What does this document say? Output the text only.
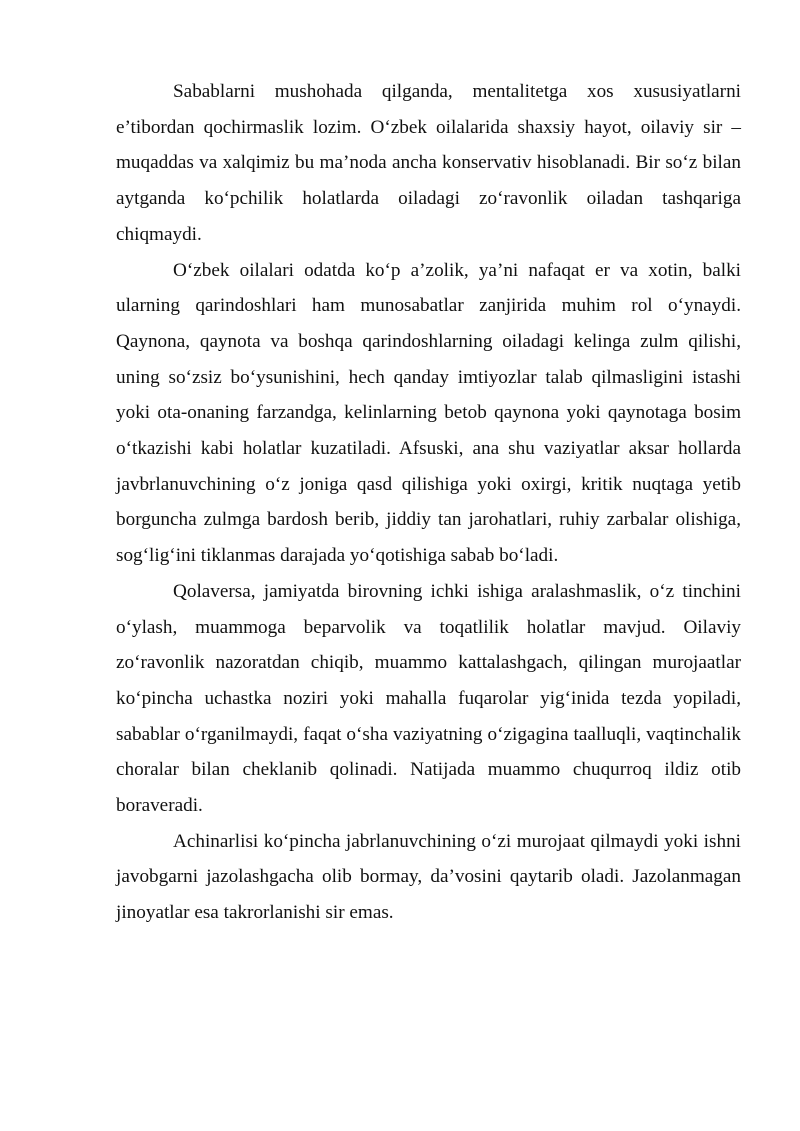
Sabablarni mushohada qilganda, mentalitetga xos xususiyatlarni e’tibordan qochirmaslik lozim. O‘zbek oilalarida shaxsiy hayot, oilaviy sir – muqaddas va xalqimiz bu ma’noda ancha konservativ hisoblanadi. Bir so‘z bilan aytganda ko‘pchilik holatlarda oiladagi zo‘ravonlik oiladan tashqariga chiqmaydi.

O‘zbek oilalari odatda ko‘p a’zolik, ya’ni nafaqat er va xotin, balki ularning qarindoshlari ham munosabatlar zanjirida muhim rol o‘ynaydi. Qaynona, qaynota va boshqa qarindoshlarning oiladagi kelinga zulm qilishi, uning so‘zsiz bo‘ysunishini, hech qanday imtiyozlar talab qilmasligini istashi yoki ota-onaning farzandga, kelinlarning betob qaynona yoki qaynotaga bosim o‘tkazishi kabi holatlar kuzatiladi. Afsuski, ana shu vaziyatlar aksar hollarda javbrlanuvchining o‘z joniga qasd qilishiga yoki oxirgi, kritik nuqtaga yetib borguncha zulmga bardosh berib, jiddiy tan jarohatlari, ruhiy zarbalar olishiga, sog‘lig‘ini tiklanmas darajada yo‘qotishiga sabab bo‘ladi.

Qolaversa, jamiyatda birovning ichki ishiga aralashmaslik, o‘z tinchini o‘ylash, muammoga beparvolik va toqatlilik holatlar mavjud. Oilaviy zo‘ravonlik nazoratdan chiqib, muammo kattalashgach, qilingan murojaatlar ko‘pincha uchastka noziri yoki mahalla fuqarolar yig‘inida tezda yopiladi, sabablar o‘rganilmaydi, faqat o‘sha vaziyatning o‘zigagina taalluqli, vaqtinchalik choralar bilan cheklanib qolinadi. Natijada muammo chuqurroq ildiz otib boraveradi.

Achinarlisi ko‘pincha jabrlanuvchining o‘zi murojaat qilmaydi yoki ishni javobgarni jazolashgacha olib bormay, da’vosini qaytarib oladi. Jazolanmagan jinoyatlar esa takrorlanishi sir emas.
